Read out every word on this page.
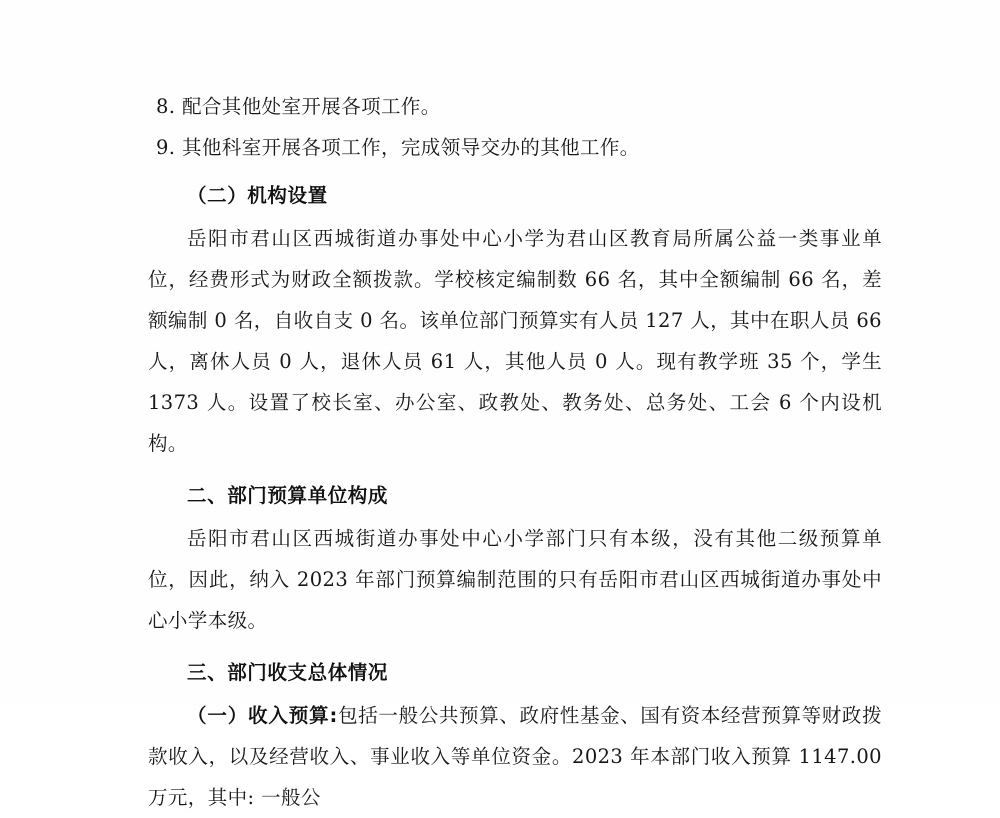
8. 配合其他处室开展各项工作。

9. 其他科室开展各项工作，完成领导交办的其他工作。

（二）机构设置

岳阳市君山区西城街道办事处中心小学为君山区教育局所属公益一类事业单位，经费形式为财政全额拨款。学校核定编制数 66 名，其中全额编制 66 名，差额编制 0 名，自收自支 0 名。该单位部门预算实有人员 127 人，其中在职人员 66 人，离休人员 0 人，退休人员 61 人，其他人员 0 人。现有教学班 35 个，学生 1373 人。设置了校长室、办公室、政教处、教务处、总务处、工会 6 个内设机构。

二、部门预算单位构成

岳阳市君山区西城街道办事处中心小学部门只有本级，没有其他二级预算单位，因此，纳入 2023 年部门预算编制范围的只有岳阳市君山区西城街道办事处中心小学本级。

三、部门收支总体情况

（一）收入预算:包括一般公共预算、政府性基金、国有资本经营预算等财政拨款收入，以及经营收入、事业收入等单位资金。2023 年本部门收入预算 1147.00 万元，其中: 一般公
